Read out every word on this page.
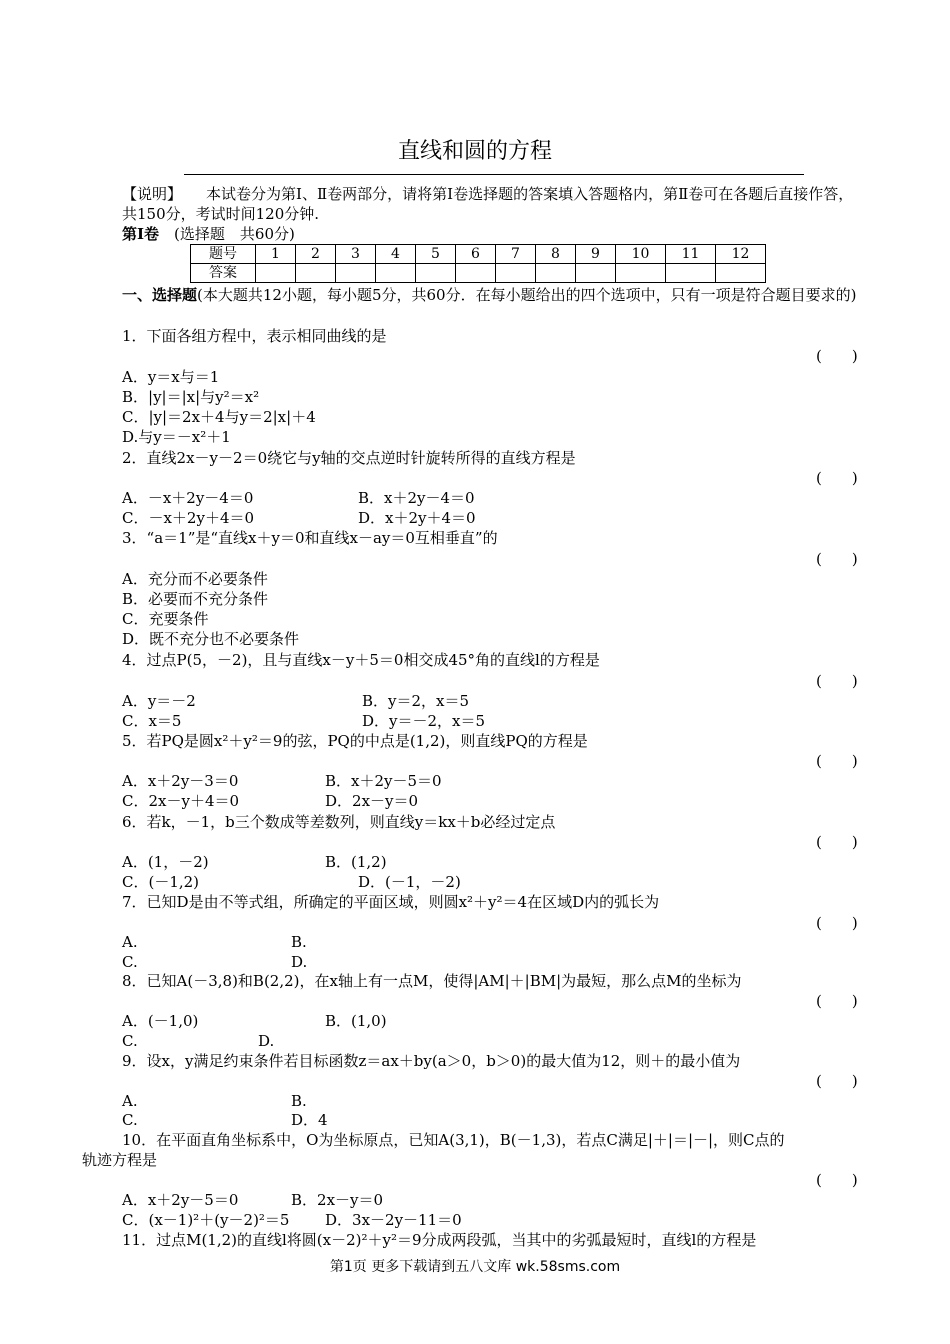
直线和圆的方程
【说明】 本试卷分为第Ⅰ、Ⅱ卷两部分，请将第Ⅰ卷选择题的答案填入答题格内，第Ⅱ卷可在各题后直接作答，共150分，考试时间120分钟.
第Ⅰ卷　 (选择题　共60分)
题号	1	2	3	4	5	6	7	8	9	10	11	12
答案												
一、选择题(本大题共12小题，每小题5分，共60分．在每小题给出的四个选项中，只有一项是符合题目要求的)
1．下面各组方程中，表示相同曲线的是
(　　)
A．y＝x与＝1
B．|y|＝|x|与y²＝x²
C．|y|＝2x＋4与y＝2|x|＋4
D.与y＝－x²＋1
2．直线2x－y－2＝0绕它与y轴的交点逆时针旋转所得的直线方程是
(　　)
A．－x＋2y－4＝0	B．x＋2y－4＝0
C．－x＋2y＋4＝0	D．x＋2y＋4＝0
3．“a＝1”是“直线x＋y＝0和直线x－ay＝0互相垂直”的
(　　)
A．充分而不必要条件
B．必要而不充分条件
C．充要条件
D．既不充分也不必要条件
4．过点P(5，－2)，且与直线x－y＋5＝0相交成45°角的直线l的方程是
(　　)
A．y＝－2	B．y＝2，x＝5
C．x＝5	D．y＝－2，x＝5
5．若PQ是圆x²＋y²＝9的弦，PQ的中点是(1,2)，则直线PQ的方程是
(　　)
A．x＋2y－3＝0	B．x＋2y－5＝0
C．2x－y＋4＝0	D．2x－y＝0
6．若k，－1，b三个数成等差数列，则直线y＝kx＋b必经过定点
(　　)
A．(1，－2)	B．(1,2)
C．(－1,2)	D．(－1，－2)
7．已知D是由不等式组，所确定的平面区域，则圆x²＋y²＝4在区域D内的弧长为
(　　)
A.	B.
C.	D.
8．已知A(－3,8)和B(2,2)，在x轴上有一点M，使得|AM|＋|BM|为最短，那么点M的坐标为
(　　)
A．(－1,0)	B．(1,0)
C.	D.
9．设x，y满足约束条件若目标函数z＝ax＋by(a＞0，b＞0)的最大值为12，则＋的最小值为
(　　)
A.	B.
C.	D．4
10．在平面直角坐标系中，O为坐标原点，已知A(3,1)，B(－1,3)，若点C满足|＋|＝|－|，则C点的
轨迹方程是
(　　)
A．x＋2y－5＝0	B．2x－y＝0
C．(x－1)²＋(y－2)²＝5 D．3x－2y－11＝0
11．过点M(1,2)的直线l将圆(x－2)²＋y²＝9分成两段弧，当其中的劣弧最短时，直线l的方程是
第1页 更多下载请到五八文库 wk.58sms.com
